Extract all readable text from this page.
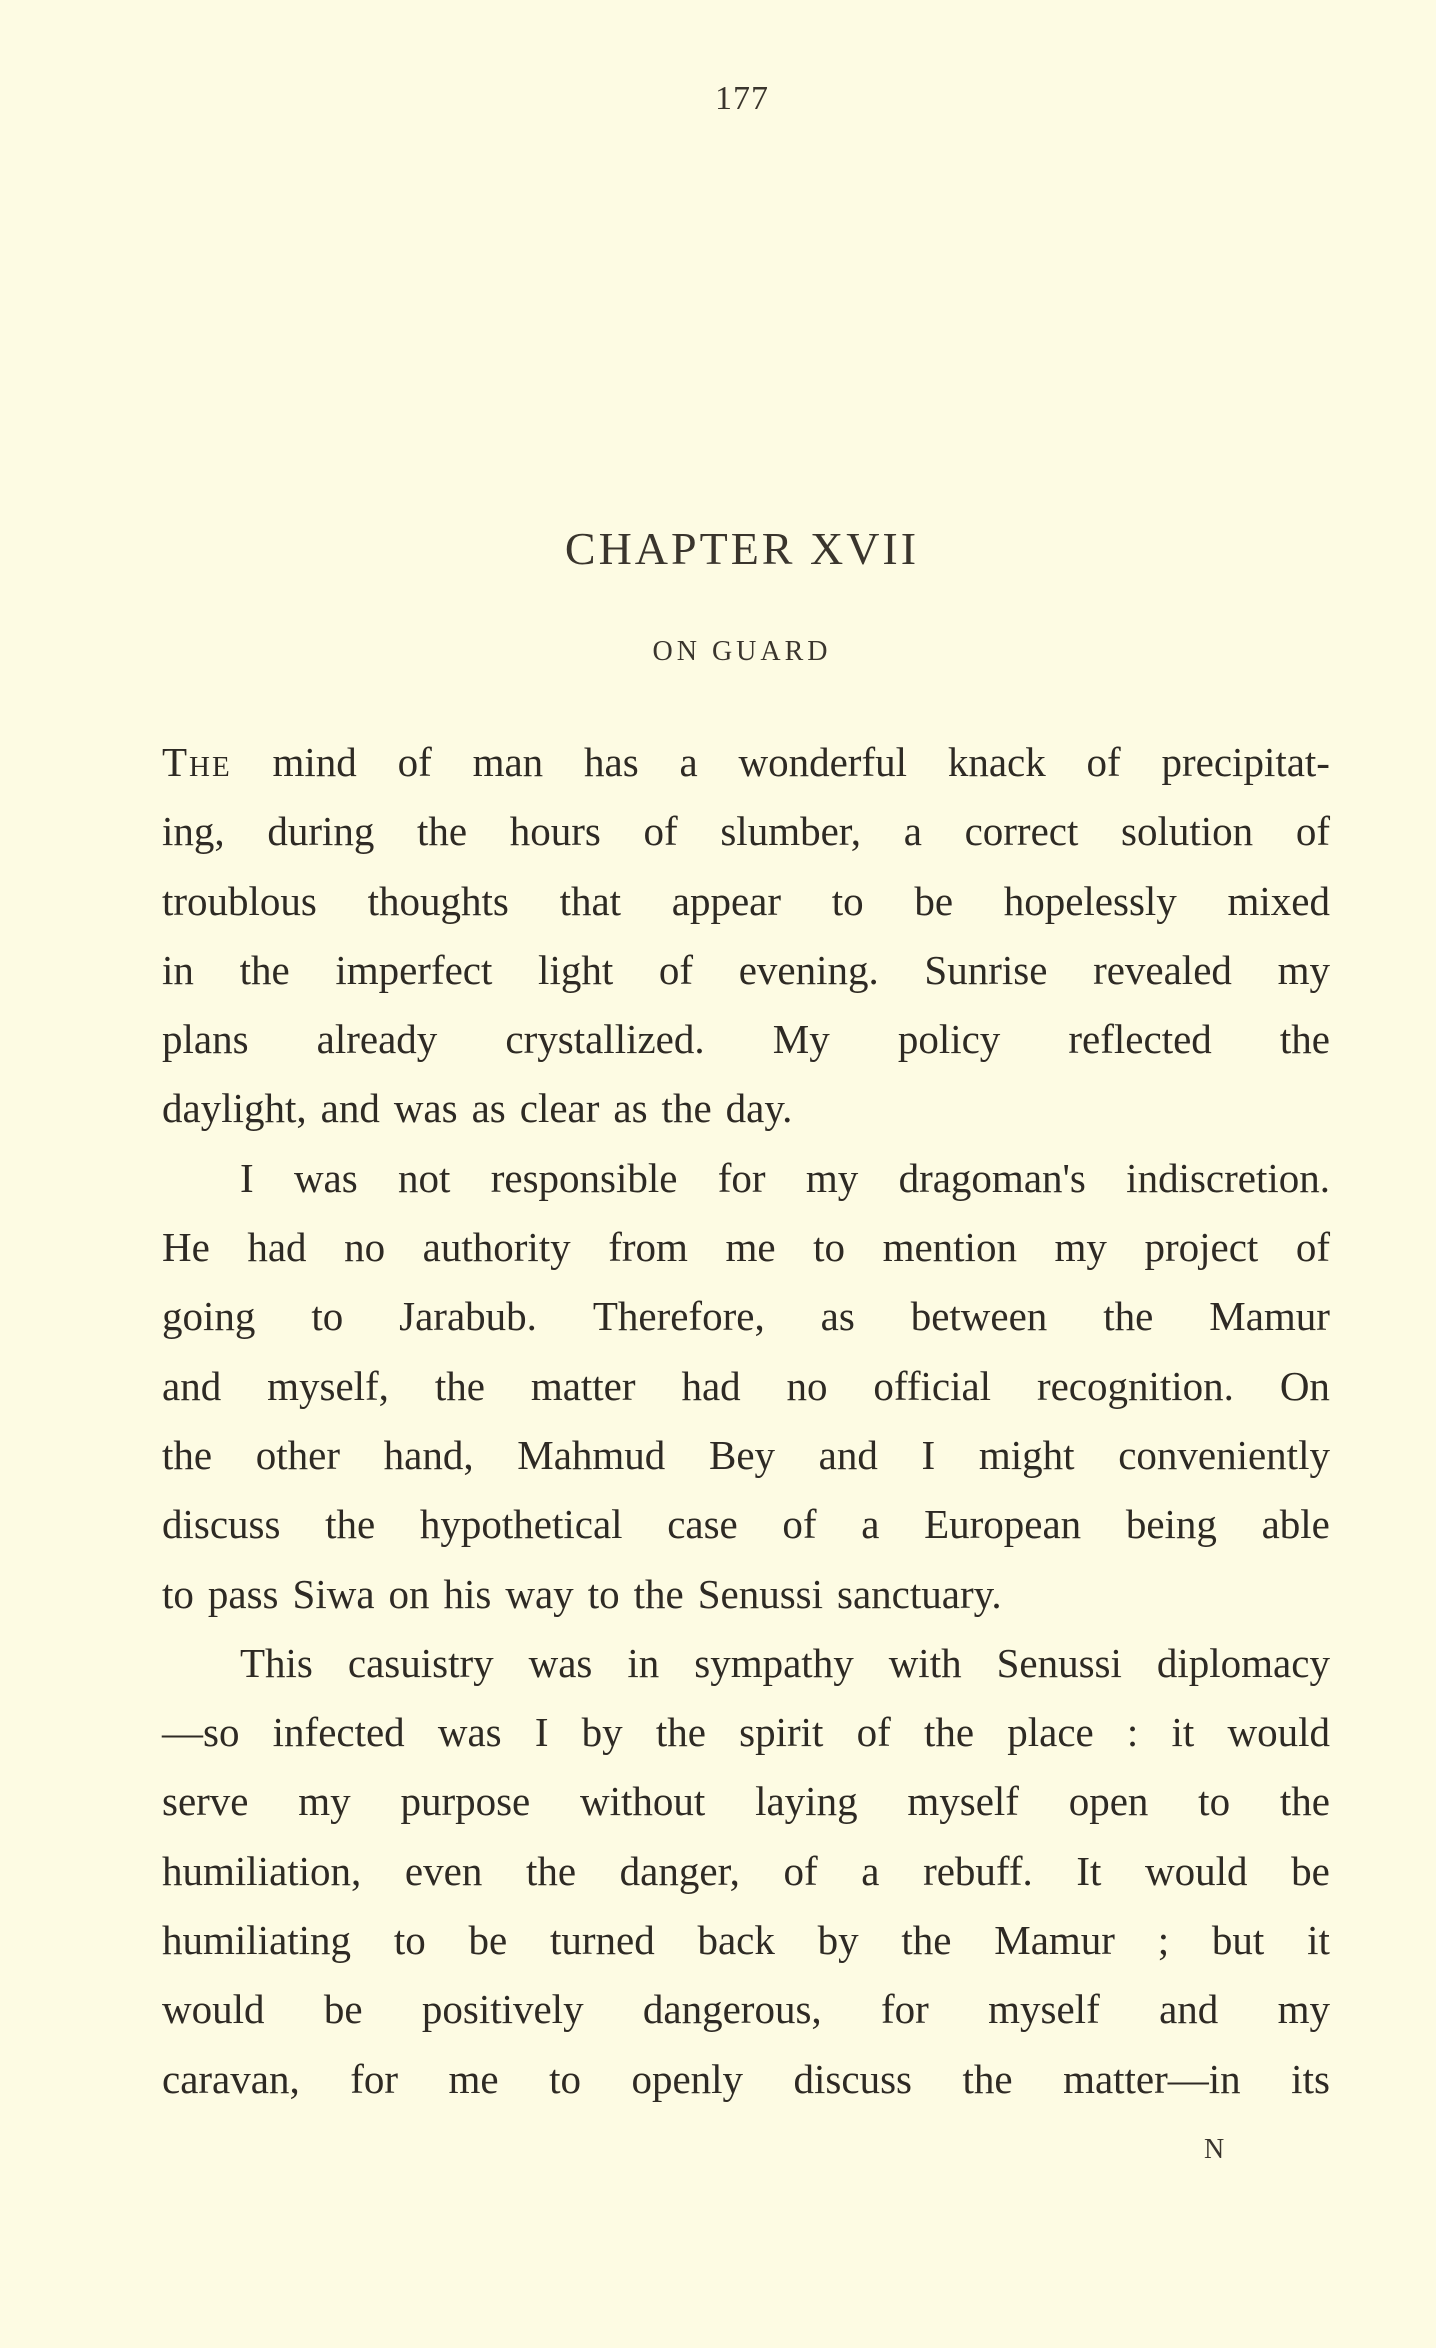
177
CHAPTER XVII
ON GUARD
The mind of man has a wonderful knack of precipitat-
ing, during the hours of slumber, a correct solution of
troublous thoughts that appear to be hopelessly mixed
in the imperfect light of evening. Sunrise revealed my
plans already crystallized. My policy reflected the
daylight, and was as clear as the day.
I was not responsible for my dragoman's indiscretion.
He had no authority from me to mention my project of
going to Jarabub. Therefore, as between the Mamur
and myself, the matter had no official recognition. On
the other hand, Mahmud Bey and I might conveniently
discuss the hypothetical case of a European being able
to pass Siwa on his way to the Senussi sanctuary.
This casuistry was in sympathy with Senussi diplomacy
—so infected was I by the spirit of the place : it would
serve my purpose without laying myself open to the
humiliation, even the danger, of a rebuff. It would be
humiliating to be turned back by the Mamur ; but it
would be positively dangerous, for myself and my
caravan, for me to openly discuss the matter—in its
N
